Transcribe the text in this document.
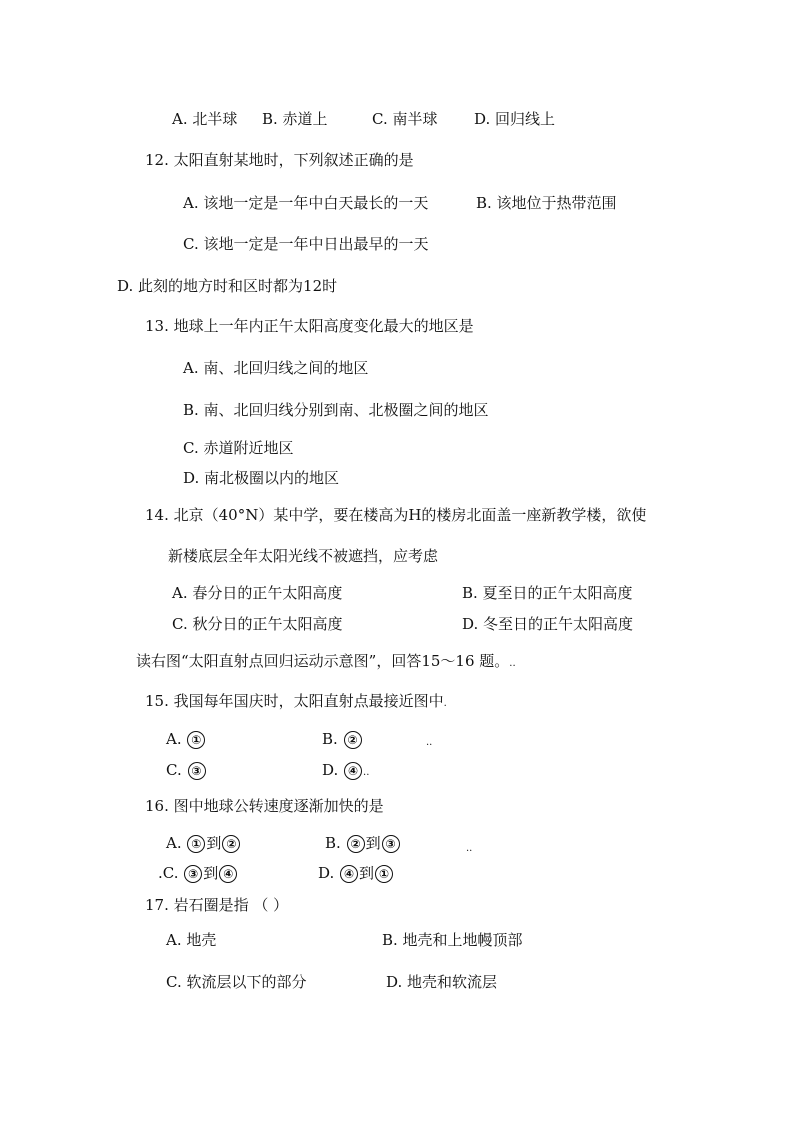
A. 北半球 B. 赤道上	C. 南半球 D. 回归线上
12. 太阳直射某地时，下列叙述正确的是
A. 该地一定是一年中白天最长的一天	B. 该地位于热带范围
C. 该地一定是一年中日出最早的一天
D. 此刻的地方时和区时都为12时
13. 地球上一年内正午太阳高度变化最大的地区是
A. 南、北回归线之间的地区
B. 南、北回归线分别到南、北极圈之间的地区
C. 赤道附近地区
D. 南北极圈以内的地区
14. 北京（40°N）某中学，要在楼高为H的楼房北面盖一座新教学楼，欲使
新楼底层全年太阳光线不被遮挡，应考虑
A. 春分日的正午太阳高度	B. 夏至日的正午太阳高度
C. 秋分日的正午太阳高度	D. 冬至日的正午太阳高度
读右图“太阳直射点回归运动示意图”，回答15～16 题。..
15. 我国每年国庆时，太阳直射点最接近图中.
A. ①	B. ②	..
C. ③	D. ④ ..
16. 图中地球公转速度逐渐加快的是
A. ① 到 ②	B. ② 到 ③	..
.C. ③ 到 ④	D. ④ 到 ①
17. 岩石圈是指 （ ）
A. 地壳	B. 地壳和上地幔顶部
C. 软流层以下的部分	D. 地壳和软流层
